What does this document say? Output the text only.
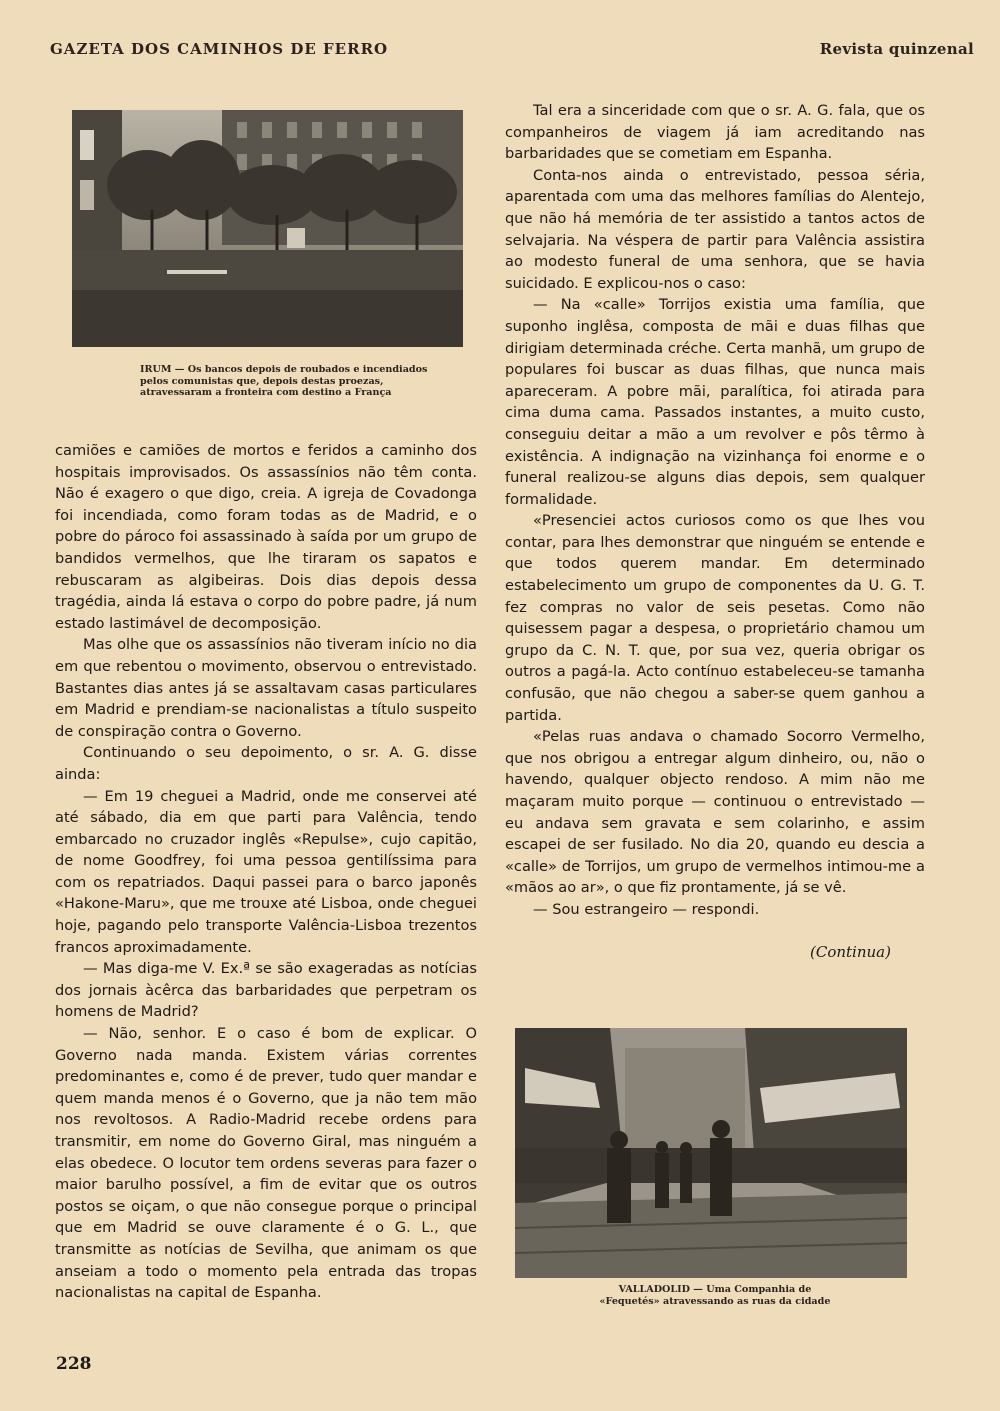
GAZETA DOS CAMINHOS DE FERRO	Revista quinzenal
IRUM — Os bancos depois de roubados e incendiados pelos comunistas que, depois destas proezas, atravessaram a fronteira com destino a França

camiões e camiões de mortos e feridos a caminho dos hospitais improvisados. Os assassínios não têm conta. Não é exagero o que digo, creia. A igreja de Covadonga foi incendiada, como foram todas as de Madrid, e o pobre do pároco foi assassinado à saída por um grupo de bandidos vermelhos, que lhe tiraram os sapatos e rebuscaram as algibeiras. Dois dias depois dessa tragédia, ainda lá estava o corpo do pobre padre, já num estado lastimável de decomposição.

Mas olhe que os assassínios não tiveram início no dia em que rebentou o movimento, observou o entrevistado. Bastantes dias antes já se assaltavam casas particulares em Madrid e prendiam-se nacionalistas a título suspeito de conspiração contra o Governo.

Continuando o seu depoimento, o sr. A. G. disse ainda:

— Em 19 cheguei a Madrid, onde me conservei até até sábado, dia em que parti para Valência, tendo embarcado no cruzador inglês «Repulse», cujo capitão, de nome Goodfrey, foi uma pessoa gentilíssima para com os repatriados. Daqui passei para o barco japonês «Hakone-Maru», que me trouxe até Lisboa, onde cheguei hoje, pagando pelo transporte Valência-Lisboa trezentos francos aproximadamente.

— Mas diga-me V. Ex.ª se são exageradas as notícias dos jornais àcêrca das barbaridades que perpetram os homens de Madrid?

— Não, senhor. E o caso é bom de explicar. O Governo nada manda. Existem várias correntes predominantes e, como é de prever, tudo quer mandar e quem manda menos é o Governo, que ja não tem mão nos revoltosos. A Radio-Madrid recebe ordens para transmitir, em nome do Governo Giral, mas ninguém a elas obedece. O locutor tem ordens severas para fazer o maior barulho possível, a fim de evitar que os outros postos se oiçam, o que não consegue porque o principal que em Madrid se ouve claramente é o G. L., que transmitte as notícias de Sevilha, que animam os que anseiam a todo o momento pela entrada das tropas nacionalistas na capital de Espanha.

Tal era a sinceridade com que o sr. A. G. fala, que os companheiros de viagem já iam acreditando nas barbaridades que se cometiam em Espanha.

Conta-nos ainda o entrevistado, pessoa séria, aparentada com uma das melhores famílias do Alentejo, que não há memória de ter assistido a tantos actos de selvajaria. Na véspera de partir para Valência assistira ao modesto funeral de uma senhora, que se havia suicidado. E explicou-nos o caso:

— Na «calle» Torrijos existia uma família, que suponho inglêsa, composta de mãi e duas filhas que dirigiam determinada créche. Certa manhã, um grupo de populares foi buscar as duas filhas, que nunca mais apareceram. A pobre mãi, paralítica, foi atirada para cima duma cama. Passados instantes, a muito custo, conseguiu deitar a mão a um revolver e pôs têrmo à existência. A indignação na vizinhança foi enorme e o funeral realizou-se alguns dias depois, sem qualquer formalidade.

«Presenciei actos curiosos como os que lhes vou contar, para lhes demonstrar que ninguém se entende e que todos querem mandar. Em determinado estabelecimento um grupo de componentes da U. G. T. fez compras no valor de seis pesetas. Como não quisessem pagar a despesa, o proprietário chamou um grupo da C. N. T. que, por sua vez, queria obrigar os outros a pagá-la. Acto contínuo estabeleceu-se tamanha confusão, que não chegou a saber-se quem ganhou a partida.

«Pelas ruas andava o chamado Socorro Vermelho, que nos obrigou a entregar algum dinheiro, ou, não o havendo, qualquer objecto rendoso. A mim não me maçaram muito porque — continuou o entrevistado — eu andava sem gravata e sem colarinho, e assim escapei de ser fusilado. No dia 20, quando eu descia a «calle» de Torrijos, um grupo de vermelhos intimou-me a «mãos ao ar», o que fiz prontamente, já se vê.

— Sou estrangeiro — respondi.

(Continua)
VALLADOLID — Uma Companhia de «Fequetés» atravessando as ruas da cidade
228
